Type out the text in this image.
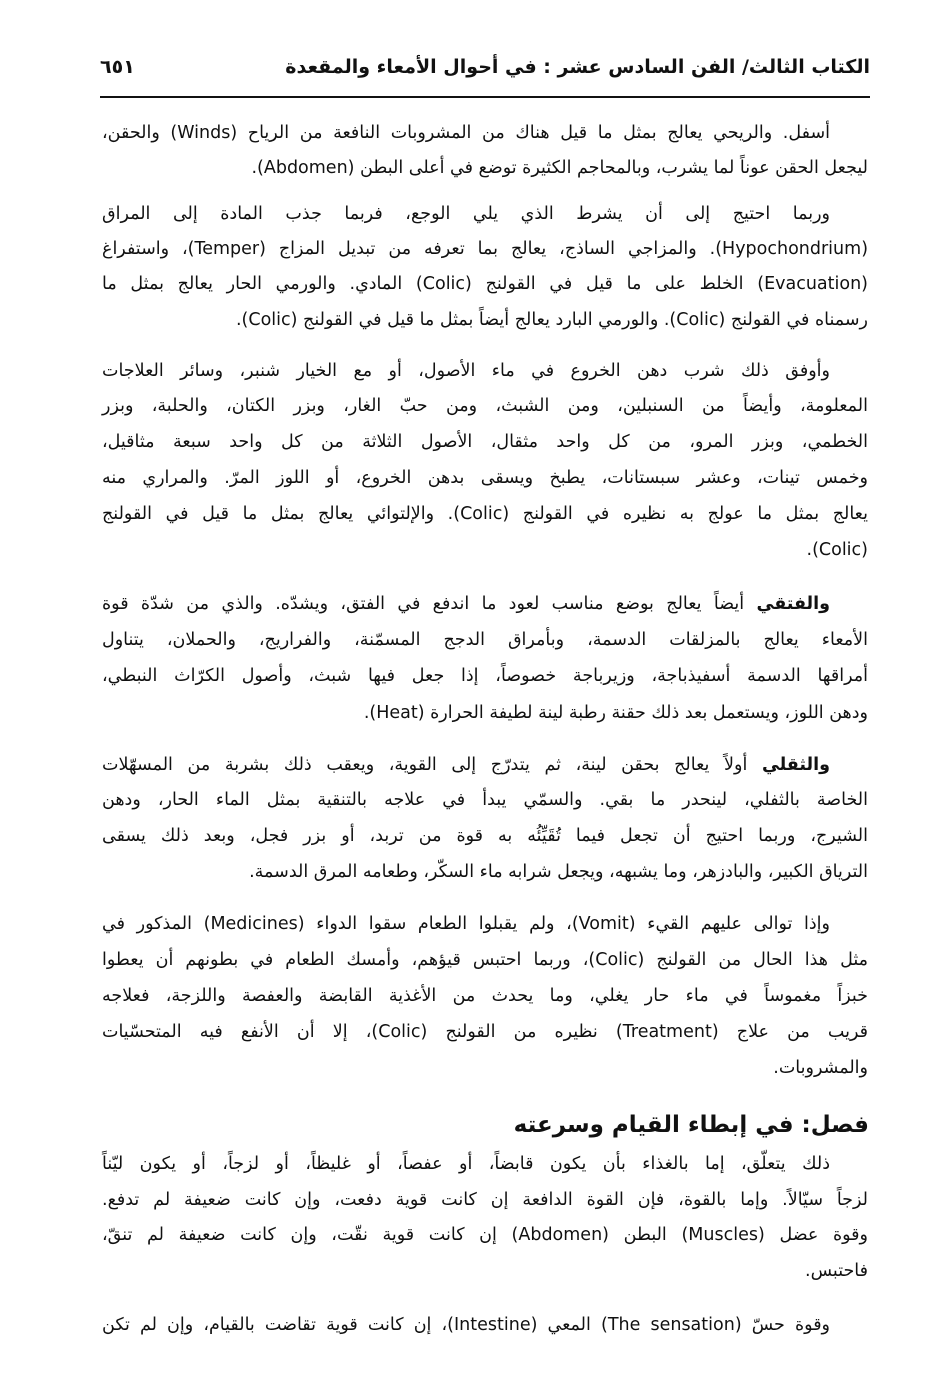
الكتاب الثالث/ الفن السادس عشر : في أحوال الأمعاء والمقعدة
٦٥١
أسفل. والريحي يعالج بمثل ما قيل هناك من المشروبات النافعة من الرياح (Winds) والحقن،
ليجعل الحقن عوناً لما يشرب، وبالمحاجم الكثيرة توضع في أعلى البطن (Abdomen).
وربما احتيج إلى أن يشرط الذي يلي الوجع، فربما جذب المادة إلى المراق
(Hypochondrium). والمزاجي الساذج، يعالج بما تعرفه من تبديل المزاج (Temper)، واستفراغ
(Evacuation) الخلط على ما قيل في القولنج (Colic) المادي. والورمي الحار يعالج بمثل ما
رسمناه في القولنج (Colic). والورمي البارد يعالج أيضاً بمثل ما قيل في القولنج (Colic).
وأوفق ذلك شرب دهن الخروع في ماء الأصول، أو مع الخيار شنبر، وسائر العلاجات
المعلومة، وأيضاً من السنبلين، ومن الشبث، ومن حبّ الغار، وبزر الكتان، والحلبة، وبزر
الخطمي، وبزر المرو، من كل واحد مثقال، الأصول الثلاثة من كل واحد سبعة مثاقيل،
وخمس تينات، وعشر سبستانات، يطبخ ويسقى بدهن الخروع، أو اللوز المرّ. والمراري منه
يعالج بمثل ما عولج به نظيره في القولنج (Colic). والإلتوائي يعالج بمثل ما قيل في القولنج
(Colic).
والفتقي أيضاً يعالج بوضع مناسب لعود ما اندفع في الفتق، ويشدّه. والذي من شدّة قوة
الأمعاء يعالج بالمزلقات الدسمة، وبأمراق الدجج المسمّنة، والفراريج، والحملان، يتناول
أمراقها الدسمة أسفيذباجة، وزيرباجة خصوصاً، إذا جعل فيها شبث، وأصول الكرّاث النبطي،
ودهن اللوز، ويستعمل بعد ذلك حقنة رطبة لينة لطيفة الحرارة (Heat).
والثقلي أولاً يعالج بحقن لينة، ثم يتدرّج إلى القوية، ويعقب ذلك بشربة من المسهّلات
الخاصة بالثفلي، لينحدر ما بقي. والسمّي يبدأ في علاجه بالتنقية بمثل الماء الحار، ودهن
الشيرج، وربما احتيج أن تجعل فيما تُقَيِّئُه به قوة من تربد، أو بزر فجل، وبعد ذلك يسقى
الترياق الكبير، والبادزهر، وما يشبهه، ويجعل شرابه ماء السكّر، وطعامه المرق الدسمة.
وإذا توالى عليهم القيء (Vomit)، ولم يقبلوا الطعام سقوا الدواء (Medicines) المذكور في
مثل هذا الحال من القولنج (Colic)، وربما احتبس قيؤهم، وأمسك الطعام في بطونهم أن يعطوا
خبزاً مغموساً في ماء حار يغلي، وما يحدث من الأغذية القابضة والعفصة واللزجة، فعلاجه
قريب من علاج (Treatment) نظيره من القولنج (Colic)، إلا أن الأنفع فيه المتحسّيات
والمشروبات.
ذلك يتعلّق، إما بالغذاء بأن يكون قابضاً، أو عفصاً، أو غليظاً، أو لزجاً، أو يكون ليّناً
لزجاً سيّالاً. وإما بالقوة، فإن القوة الدافعة إن كانت قوية دفعت، وإن كانت ضعيفة لم تدفع.
وقوة عضل (Muscles) البطن (Abdomen) إن كانت قوية نقّت، وإن كانت ضعيفة لم تنقّ،
فاحتبس.
وقوة حسّ (The sensation) المعي (Intestine)، إن كانت قوية تقاضت بالقيام، وإن لم تكن
فصل: في إبطاء القيام وسرعته
